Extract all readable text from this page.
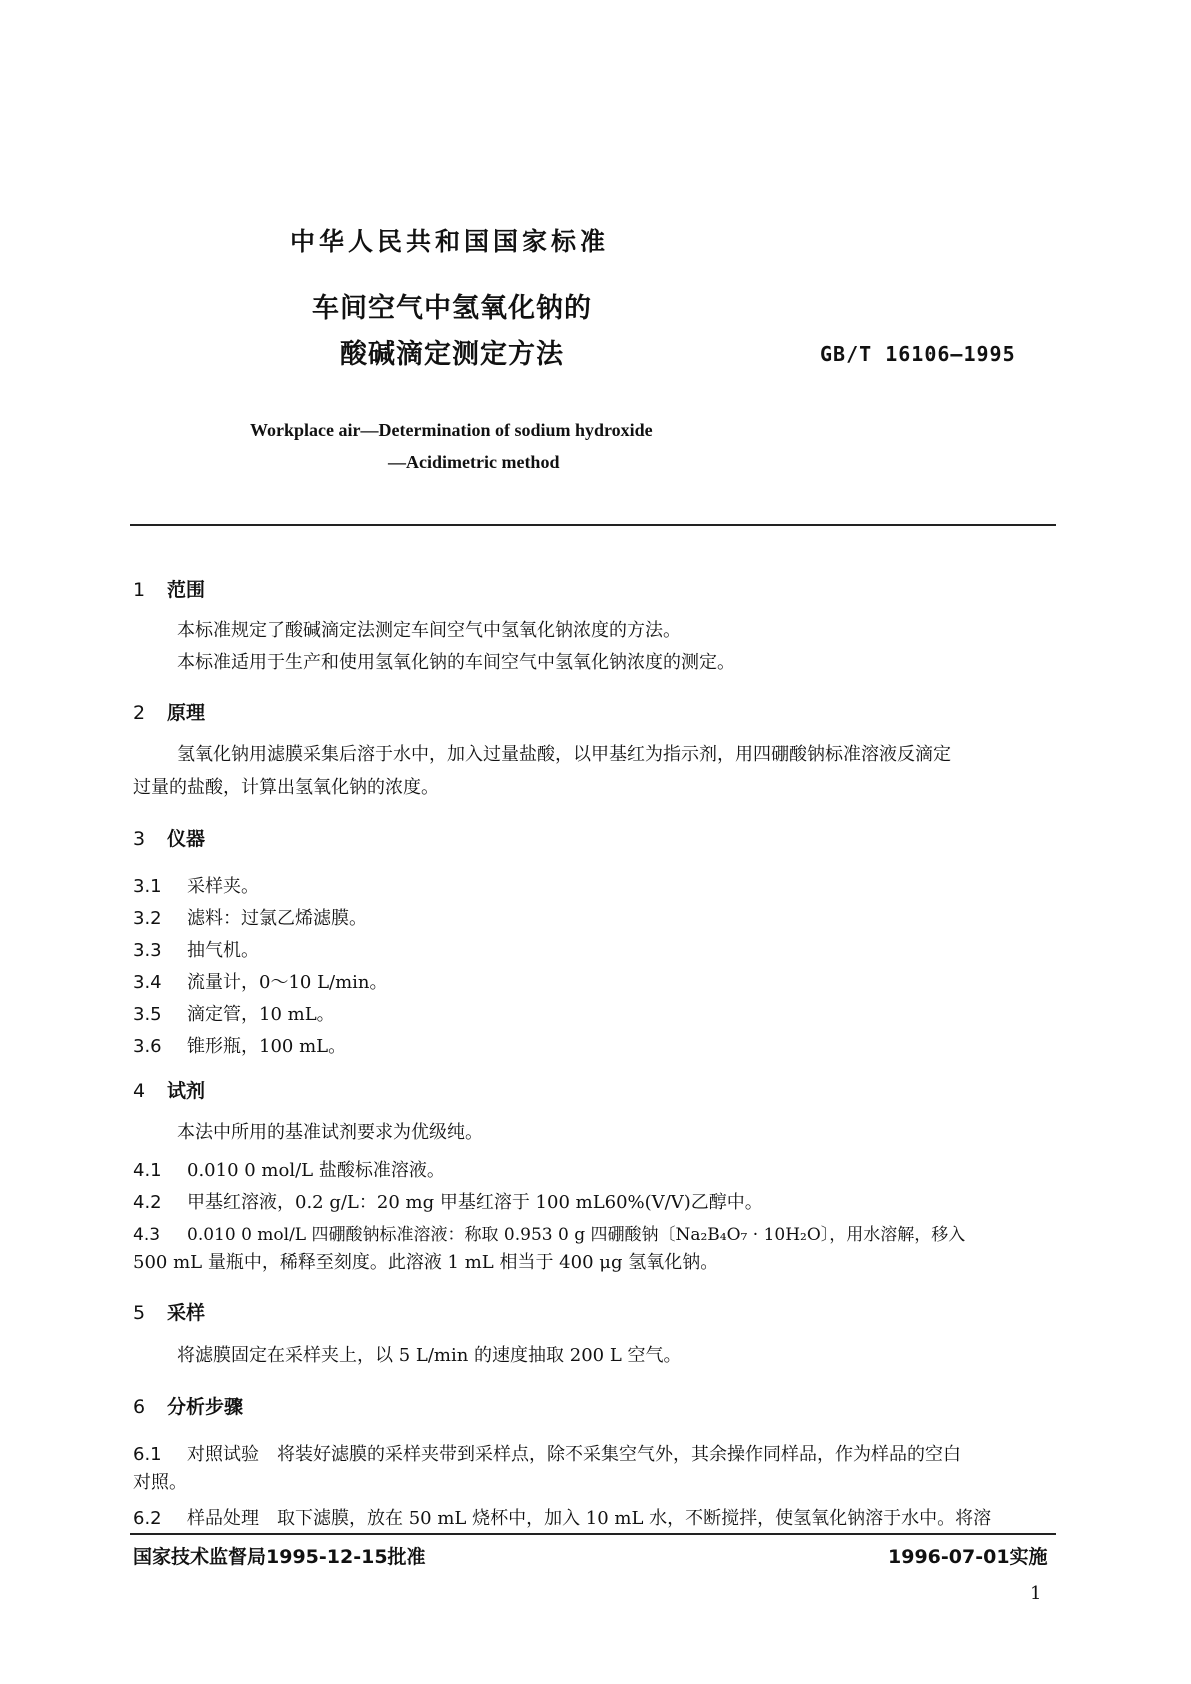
中华人民共和国国家标准
车间空气中氢氧化钠的
酸碱滴定测定方法	GB/T 16106—1995
Workplace air—Determination of sodium hydroxide
—Acidimetric method
1 范围
本标准规定了酸碱滴定法测定车间空气中氢氧化钠浓度的方法。
本标准适用于生产和使用氢氧化钠的车间空气中氢氧化钠浓度的测定。
2 原理
氢氧化钠用滤膜采集后溶于水中，加入过量盐酸，以甲基红为指示剂，用四硼酸钠标准溶液反滴定
过量的盐酸，计算出氢氧化钠的浓度。
3 仪器
3.1 采样夹。
3.2 滤料：过氯乙烯滤膜。
3.3 抽气机。
3.4 流量计，0～10 L/min。
3.5 滴定管，10 mL。
3.6 锥形瓶，100 mL。
4 试剂
本法中所用的基准试剂要求为优级纯。
4.1 0.010 0 mol/L 盐酸标准溶液。
4.2 甲基红溶液，0.2 g/L：20 mg 甲基红溶于 100 mL60%(V/V)乙醇中。
4.3 0.010 0 mol/L 四硼酸钠标准溶液：称取 0.953 0 g 四硼酸钠〔Na₂B₄O₇ · 10H₂O〕，用水溶解，移入
500 mL 量瓶中，稀释至刻度。此溶液 1 mL 相当于 400 μg 氢氧化钠。
5 采样
将滤膜固定在采样夹上，以 5 L/min 的速度抽取 200 L 空气。
6 分析步骤
6.1 对照试验　将装好滤膜的采样夹带到采样点，除不采集空气外，其余操作同样品，作为样品的空白
对照。
6.2 样品处理　取下滤膜，放在 50 mL 烧杯中，加入 10 mL 水，不断搅拌，使氢氧化钠溶于水中。将溶
国家技术监督局1995-12-15批准	1996-07-01实施
1
